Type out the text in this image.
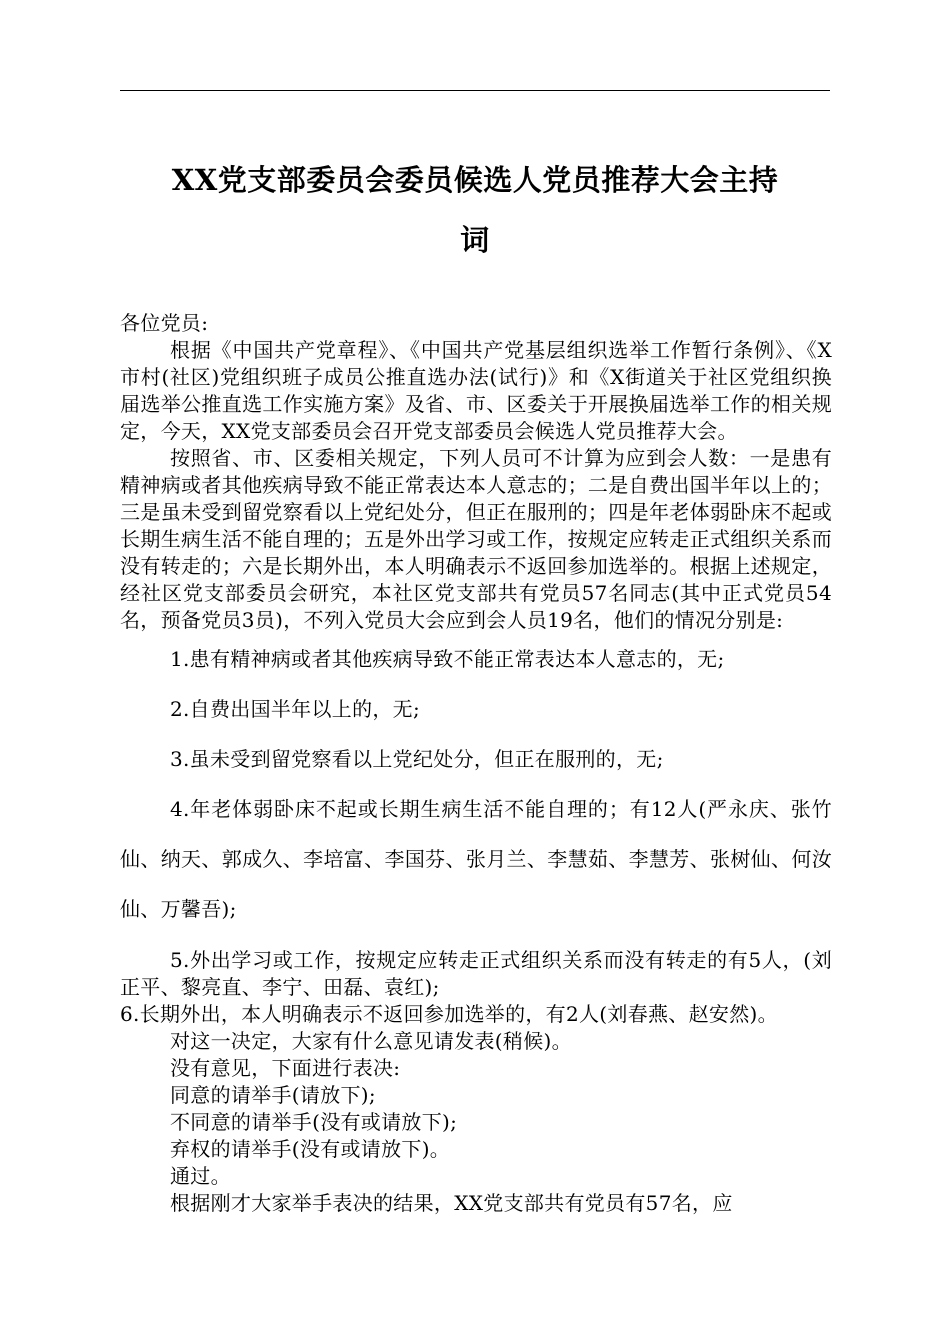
XX党支部委员会委员候选人党员推荐大会主持
词

各位党员:

根据《中国共产党章程》、《中国共产党基层组织选举工作暂行条例》、《X市村(社区)党组织班子成员公推直选办法(试行)》和《X街道关于社区党组织换届选举公推直选工作实施方案》及省、市、区委关于开展换届选举工作的相关规定，今天，XX党支部委员会召开党支部委员会候选人党员推荐大会。

按照省、市、区委相关规定，下列人员可不计算为应到会人数：一是患有精神病或者其他疾病导致不能正常表达本人意志的；二是自费出国半年以上的；三是虽未受到留党察看以上党纪处分，但正在服刑的；四是年老体弱卧床不起或长期生病生活不能自理的；五是外出学习或工作，按规定应转走正式组织关系而没有转走的；六是长期外出，本人明确表示不返回参加选举的。根据上述规定，经社区党支部委员会研究，本社区党支部共有党员57名同志(其中正式党员54名，预备党员3员)，不列入党员大会应到会人员19名，他们的情况分别是:

1.患有精神病或者其他疾病导致不能正常表达本人意志的，无;

2.自费出国半年以上的，无;

3.虽未受到留党察看以上党纪处分，但正在服刑的，无;

4.年老体弱卧床不起或长期生病生活不能自理的；有12人(严永庆、张竹仙、纳天、郭成久、李培富、李国芬、张月兰、李慧茹、李慧芳、张树仙、何汝仙、万馨吾);

5.外出学习或工作，按规定应转走正式组织关系而没有转走的有5人，(刘正平、黎亮直、李宁、田磊、袁红);

6.长期外出，本人明确表示不返回参加选举的，有2人(刘春燕、赵安然)。

对这一决定，大家有什么意见请发表(稍候)。

没有意见，下面进行表决:

同意的请举手(请放下);

不同意的请举手(没有或请放下);

弃权的请举手(没有或请放下)。

通过。

根据刚才大家举手表决的结果，XX党支部共有党员有57名，应
